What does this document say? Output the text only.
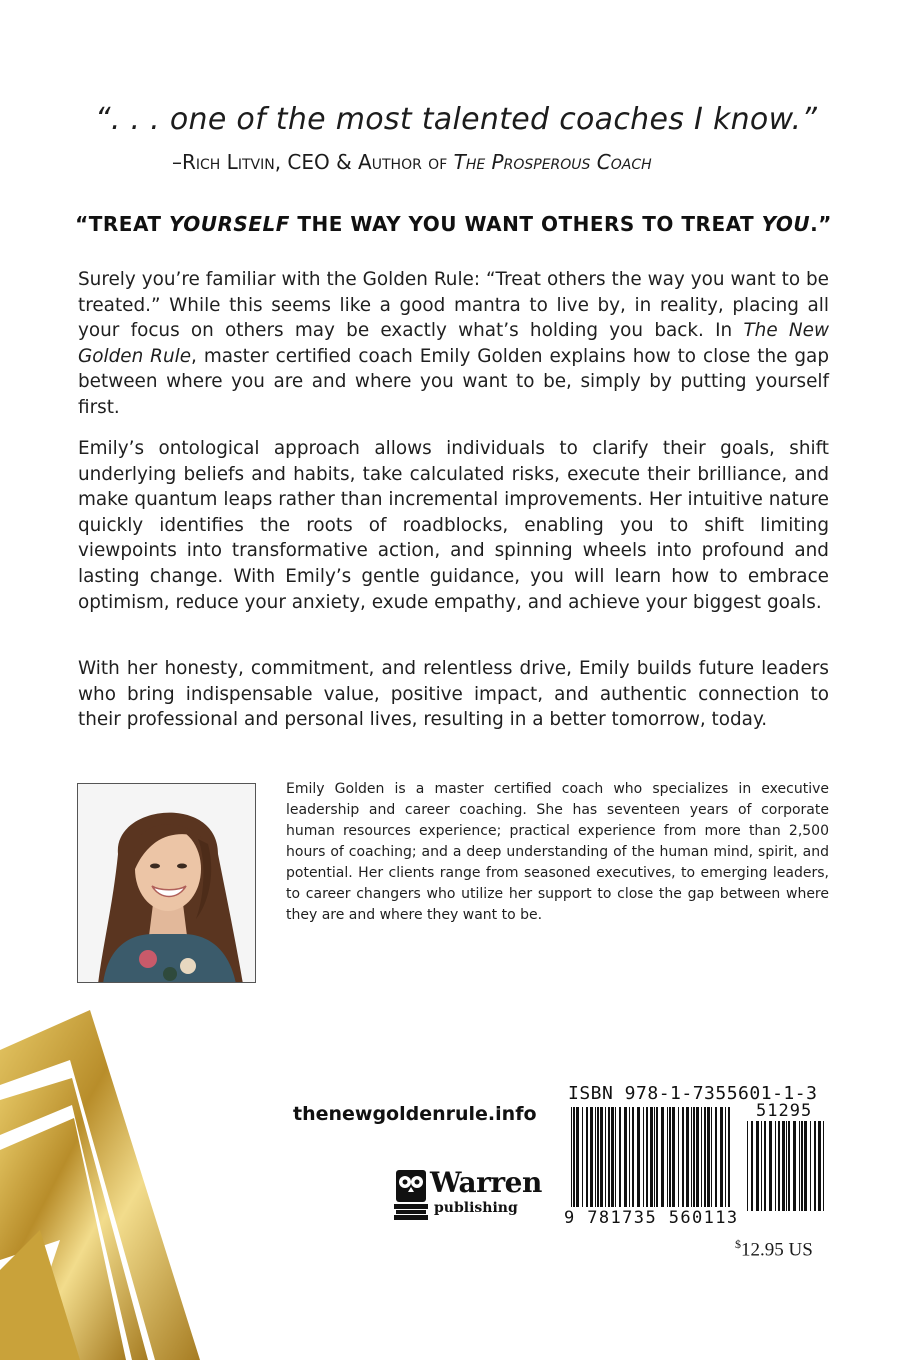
“. . . one of the most talented coaches I know.”
–Rich Litvin, CEO & Author of The Prosperous Coach
“TREAT YOURSELF THE WAY YOU WANT OTHERS TO TREAT YOU.”

Surely you’re familiar with the Golden Rule: “Treat others the way you want to be treated.” While this seems like a good mantra to live by, in reality, placing all your focus on others may be exactly what’s holding you back. In The New Golden Rule, master certified coach Emily Golden explains how to close the gap between where you are and where you want to be, simply by putting yourself first.

Emily’s ontological approach allows individuals to clarify their goals, shift underlying beliefs and habits, take calculated risks, execute their brilliance, and make quantum leaps rather than incremental improvements. Her intuitive nature quickly identifies the roots of roadblocks, enabling you to shift limiting viewpoints into transformative action, and spinning wheels into profound and lasting change. With Emily’s gentle guidance, you will learn how to embrace optimism, reduce your anxiety, exude empathy, and achieve your biggest goals.

With her honesty, commitment, and relentless drive, Emily builds future leaders who bring indispensable value, positive impact, and authentic connection to their professional and personal lives, resulting in a better tomorrow, today.

Emily Golden is a master certified coach who specializes in executive leadership and career coaching. She has seventeen years of corporate human resources experience; practical experience from more than 2,500 hours of coaching; and a deep understanding of the human mind, spirit, and potential. Her clients range from seasoned executives, to emerging leaders, to career changers who utilize her support to close the gap between where they are and where they want to be.

thenewgoldenrule.info
Warren
publishing
ISBN 978-1-7355601-1-3
51295
9 781735 560113
$12.95 US
